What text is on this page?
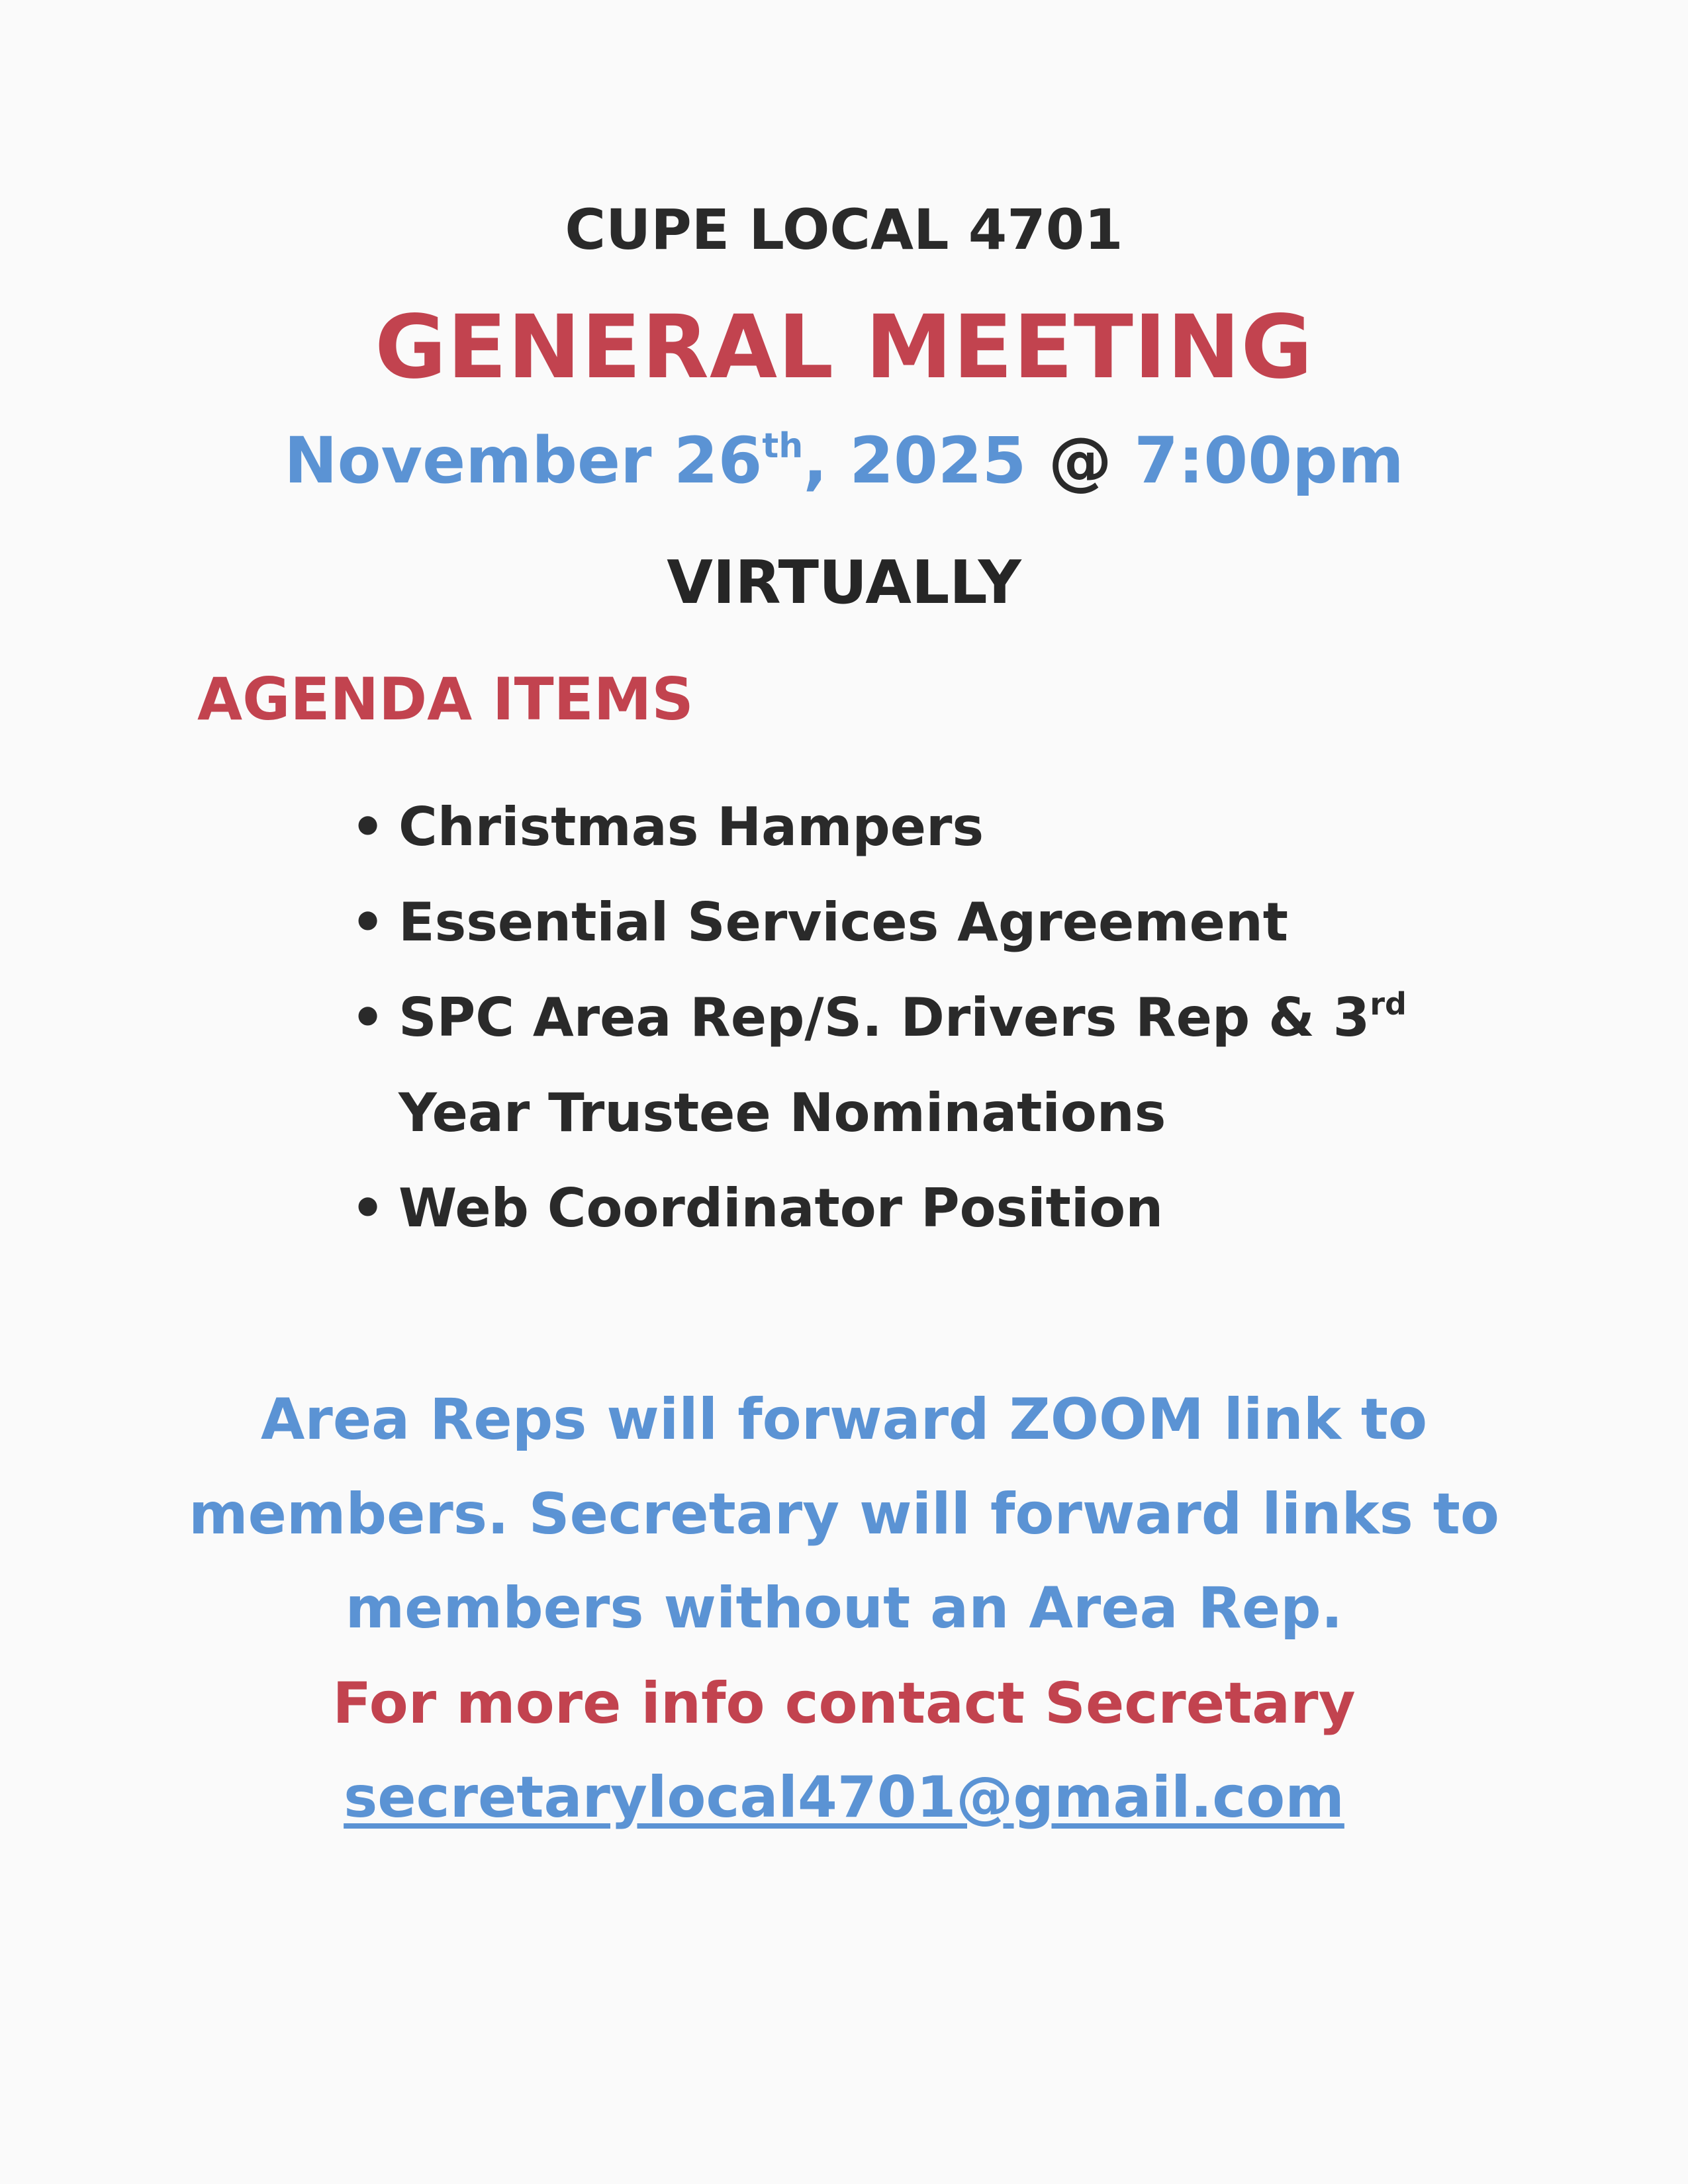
CUPE LOCAL 4701
GENERAL MEETING
November 26th, 2025 @ 7:00pm
VIRTUALLY
AGENDA ITEMS
• Christmas Hampers
• Essential Services Agreement
• SPC Area Rep/S. Drivers Rep & 3rd
Year Trustee Nominations
• Web Coordinator Position
Area Reps will forward ZOOM link to
members. Secretary will forward links to
members without an Area Rep.
For more info contact Secretary
secretarylocal4701@gmail.com
